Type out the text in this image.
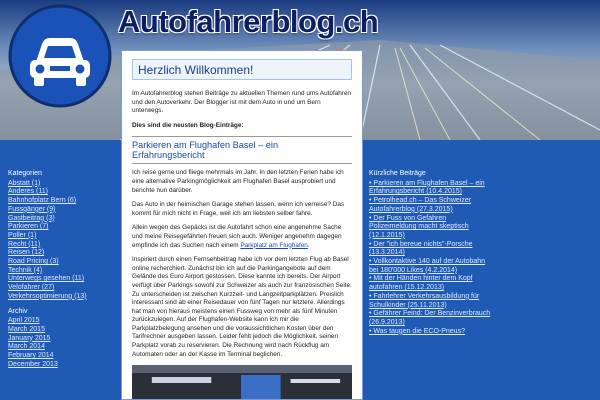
Autofahrerblog.ch
Kategorien
Abstatt (1)
Anderes (11)
Bahnhofplatz Bern (6)
Fussgänger (9)
Gastbeitrag (3)
Parkieren (7)
Poller (1)
Recht (11)
Reisen (12)
Road Pricing (3)
Technik (4)
Unterwegs gesehen (11)
Velofahrer (27)
Verkehrsoptimierung (13)
Archiv
April 2015
March 2015
January 2015
March 2014
February 2014
December 2013
Herzlich Willkommen!
Im Autofahrerblog stehen Beiträge zu aktuellen Themen rund ums Autofahren und den Autoverkehr. Der Blogger ist mit dem Auto in und um Bern unterwegs.
Dies sind die neusten Blog-Einträge:
Parkieren am Flughafen Basel – ein Erfahrungsbericht
Ich reise gerne und fliege mehrmals im Jahr. In den letzten Ferien habe ich eine alternative Parkingmöglichkeit am Flughafen Basel ausprobiert und berichte nun darüber.
Das Auto in der heimischen Garage stehen lassen, wenn ich verreise? Das kommt für mich nicht in Frage, weil ich am liebsten selber fahre.
Allein wegen des Gepäcks ist die Autofahrt schon eine angenehme Sache und meine Reisegefährten freuen sich auch. Weniger angenehm dagegen empfinde ich das Suchen nach einem Parkplatz am Flughafen.
Inspiriert durch einen Fernsehbeitrag habe ich vor dem letzten Flug ab Basel online recherchiert. Zunächst bin ich auf die Parkingangebote auf dem Gelände des Euro Airport gestossen. Diese kannte ich bereits. Der Airport verfügt über Parkings sowohl zur Schweizer als auch zur französischen Seite. Zu unterscheiden ist zwischen Kurzzeit- und Langzeitparkplätzen. Preislich interessant sind ab einer Reisedauer von fünf Tagen nur letztere. Allerdings hat man von hieraus meistens einen Fussweg von mehr als fünf Minuten zurückzulegen. Auf der Flughafen-Website kann ich mir die Parkplatzbelegung ansehen und die voraussichtlichen Kosten über den Tarifrechner ausgeben lassen. Leider fehlt jedoch die Möglichkeit, seinen Parkplatz vorab zu reservieren. Die Rechnung wird nach Rückflug am Automaten oder an der Kasse im Terminal beglichen.
Kürzliche Beiträge
• Parkieren am Flughafen Basel – ein Erfahrungsbericht (10.4.2015)
• Petrolhead.ch – Das Schweizer Autofahrerblog (27.3.2015)
• Der Fuss von Gefahren Polizeimeldung macht skeptisch (12.1.2015)
• Der "ich bereue nichts"-Porsche (13.3.2014)
• Vollkontaktive 140 auf der Autobahn bei 180'000 Likes (4.2.2014)
• Mit der Händen hinter dem Kopf autofahren (15.12.2013)
• Fahrlehrer Verkehrsausbildung für Schulkinder (25.11.2013)
• Gefährer Feind: Der Benzinverbrauch (26.9.2013)
• Was taugen die ECO-Pneus?
